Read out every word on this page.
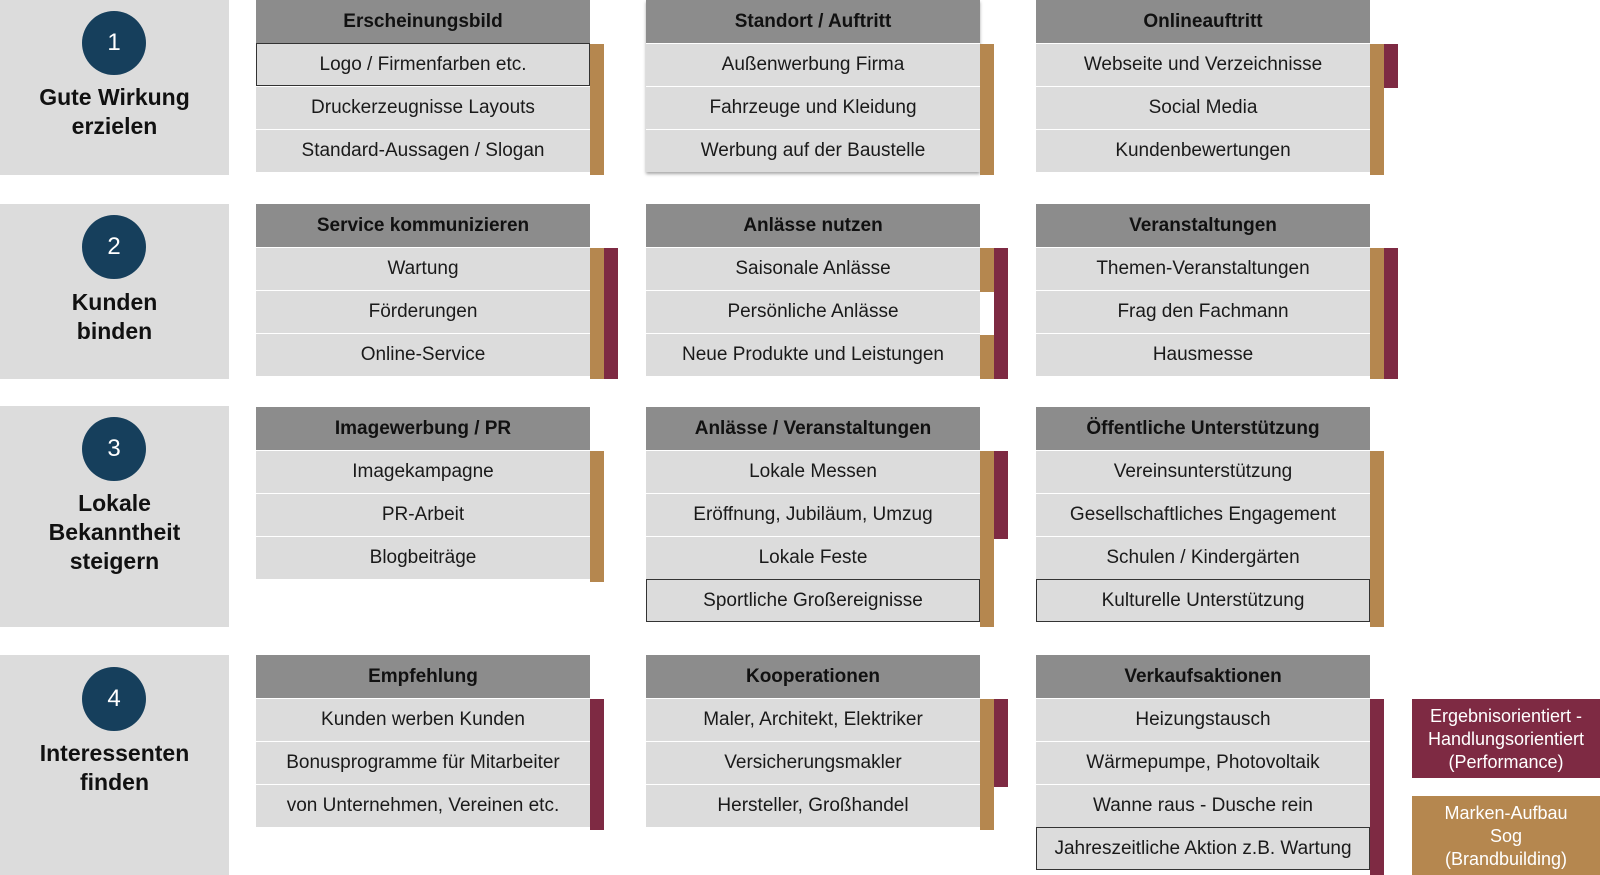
1
Gute Wirkung
erzielen
2
Kunden
binden
3
Lokale
Bekanntheit
steigern
4
Interessenten
finden
Erscheinungsbild
Logo / Firmenfarben etc.
Druckerzeugnisse Layouts
Standard-Aussagen / Slogan
Standort / Auftritt
Außenwerbung Firma
Fahrzeuge und Kleidung
Werbung auf der Baustelle
Onlineauftritt
Webseite und Verzeichnisse
Social Media
Kundenbewertungen
Service kommunizieren
Wartung
Förderungen
Online-Service
Anlässe nutzen
Saisonale Anlässe
Persönliche Anlässe
Neue Produkte und Leistungen
Veranstaltungen
Themen-Veranstaltungen
Frag den Fachmann
Hausmesse
Imagewerbung / PR
Imagekampagne
PR-Arbeit
Blogbeiträge
Anlässe / Veranstaltungen
Lokale Messen
Eröffnung, Jubiläum, Umzug
Lokale Feste
Sportliche Großereignisse
Öffentliche Unterstützung
Vereinsunterstützung
Gesellschaftliches Engagement
Schulen / Kindergärten
Kulturelle Unterstützung
Empfehlung
Kunden werben Kunden
Bonusprogramme für Mitarbeiter
von Unternehmen, Vereinen etc.
Kooperationen
Maler, Architekt, Elektriker
Versicherungsmakler
Hersteller, Großhandel
Verkaufsaktionen
Heizungstausch
Wärmepumpe, Photovoltaik
Wanne raus - Dusche rein
Jahreszeitliche Aktion z.B. Wartung
Ergebnisorientiert -
Handlungsorientiert
(Performance)
Marken-Aufbau
Sog
(Brandbuilding)
